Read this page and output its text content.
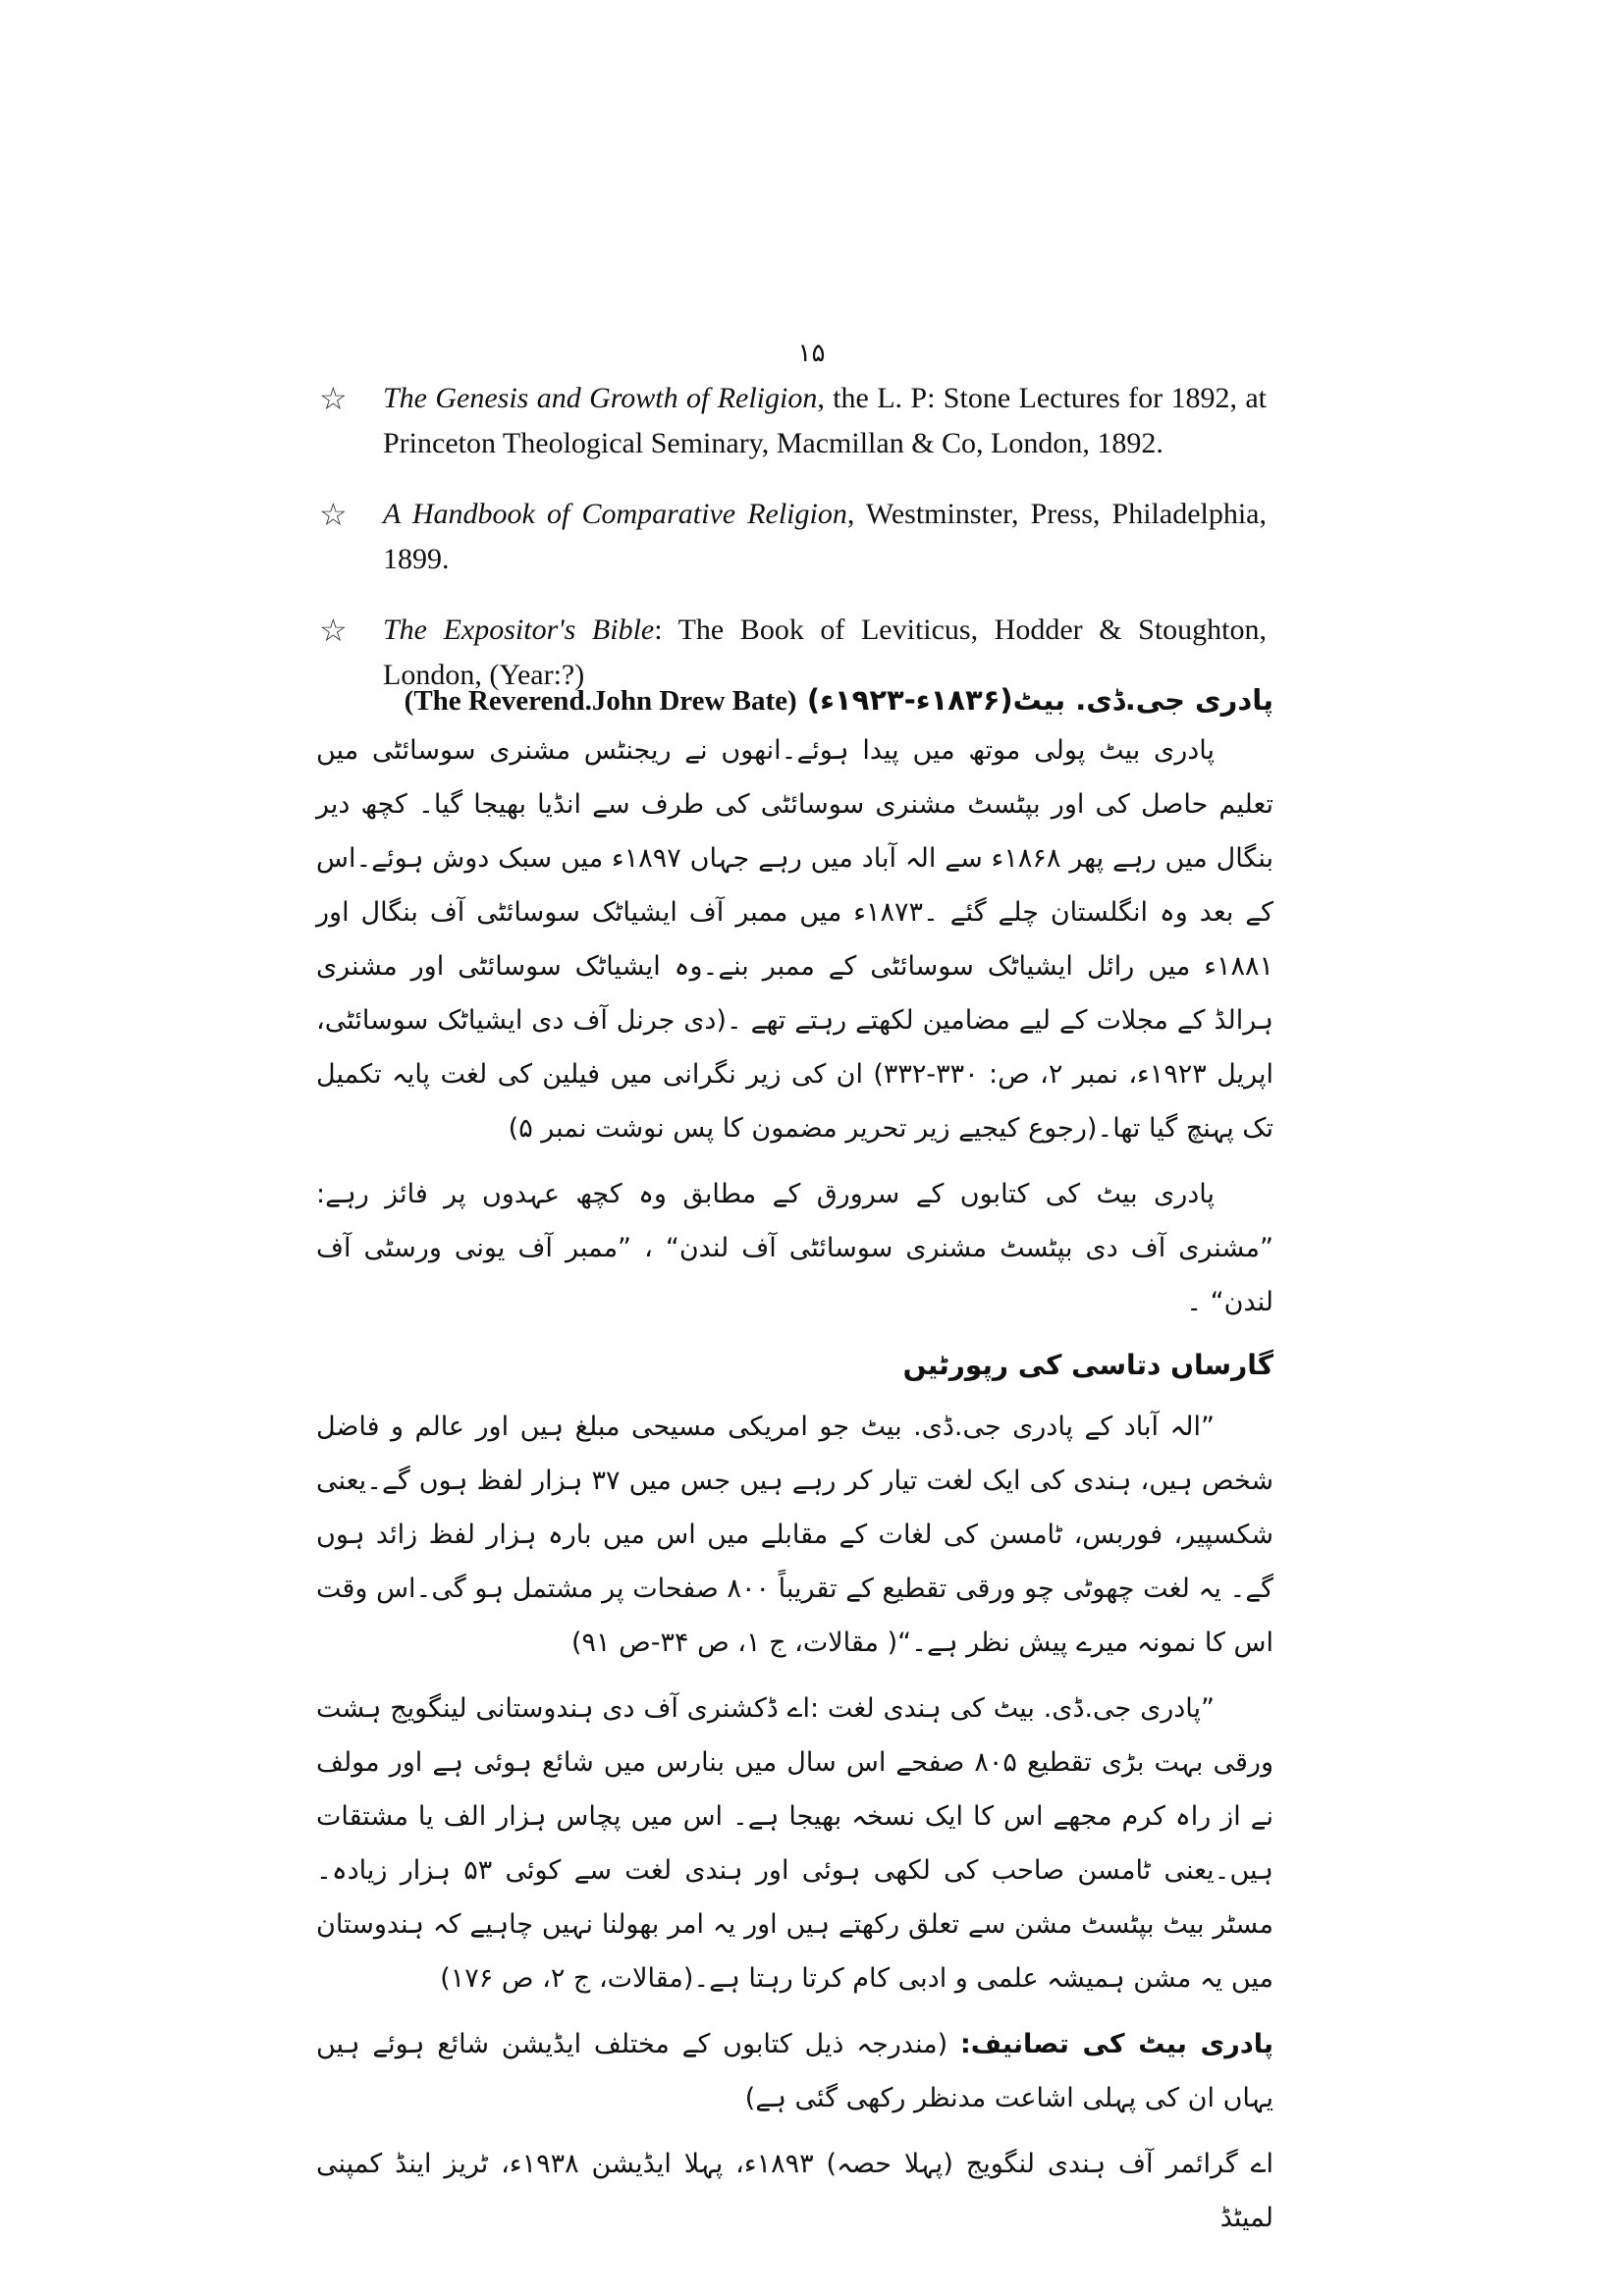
۱۵

☆ The Genesis and Growth of Religion, the L. P: Stone Lectures for 1892, at Princeton Theological Seminary, Macmillan & Co, London, 1892.

☆ A Handbook of Comparative Religion, Westminster, Press, Philadelphia, 1899.

☆ The Expositor's Bible: The Book of Leviticus, Hodder & Stoughton, London, (Year:?)

پادری جی.ڈی. بیٹ(۱۸۳۶ء-۱۹۲۳ء) (The Reverend.John Drew Bate)

پادری بیٹ پولی موتھ میں پیدا ہوئے۔انھوں نے ریجنٹس مشنری سوسائٹی میں تعلیم حاصل کی اور بپٹسٹ مشنری سوسائٹی کی طرف سے انڈیا بھیجا گیا۔ کچھ دیر بنگال میں رہے پھر ۱۸۶۸ء سے الہ آباد میں رہے جہاں ۱۸۹۷ء میں سبک دوش ہوئے۔اس کے بعد وہ انگلستان چلے گئے ۔۱۸۷۳ء میں ممبر آف ایشیاٹک سوسائٹی آف بنگال اور ۱۸۸۱ء میں رائل ایشیاٹک سوسائٹی کے ممبر بنے۔وہ ایشیاٹک سوسائٹی اور مشنری ہرالڈ کے مجلات کے لیے مضامین لکھتے رہتے تھے ۔(دی جرنل آف دی ایشیاٹک سوسائٹی، اپریل ۱۹۲۳ء، نمبر ۲، ص: ۳۳۰-۳۳۲) ان کی زیر نگرانی میں فیلین کی لغت پایہ تکمیل تک پہنچ گیا تھا۔(رجوع کیجیے زیر تحریر مضمون کا پس نوشت نمبر ۵)

پادری بیٹ کی کتابوں کے سرورق کے مطابق وہ کچھ عہدوں پر فائز رہے: ”مشنری آف دی بپٹسٹ مشنری سوسائٹی آف لندن“ ، ”ممبر آف یونی ورسٹی آف لندن“ ۔

گارساں دتاسی کی رپورٹیں

”الہ آباد کے پادری جی.ڈی. بیٹ جو امریکی مسیحی مبلغ ہیں اور عالم و فاضل شخص ہیں، ہندی کی ایک لغت تیار کر رہے ہیں جس میں ۳۷ ہزار لفظ ہوں گے۔یعنی شکسپیر، فوربس، ٹامسن کی لغات کے مقابلے میں اس میں بارہ ہزار لفظ زائد ہوں گے۔ یہ لغت چھوٹی چو ورقی تقطیع کے تقریباً ۸۰۰ صفحات پر مشتمل ہو گی۔اس وقت اس کا نمونہ میرے پیش نظر ہے۔“( مقالات، ج ۱، ص ۳۴-ص ۹۱)

”پادری جی.ڈی. بیٹ کی ہندی لغت :اے ڈکشنری آف دی ہندوستانی لینگویج ہشت ورقی بہت بڑی تقطیع ۸۰۵ صفحے اس سال میں بنارس میں شائع ہوئی ہے اور مولف نے از راہ کرم مجھے اس کا ایک نسخہ بھیجا ہے۔ اس میں پچاس ہزار الف یا مشتقات ہیں۔یعنی ٹامسن صاحب کی لکھی ہوئی اور ہندی لغت سے کوئی ۵۳ ہزار زیادہ۔ مسٹر بیٹ بپٹسٹ مشن سے تعلق رکھتے ہیں اور یہ امر بھولنا نہیں چاہیے کہ ہندوستان میں یہ مشن ہمیشہ علمی و ادبی کام کرتا رہتا ہے۔(مقالات، ج ۲، ص ۱۷۶)

پادری بیٹ کی تصانیف: (مندرجہ ذیل کتابوں کے مختلف ایڈیشن شائع ہوئے ہیں یہاں ان کی پہلی اشاعت مدنظر رکھی گئی ہے)

اے گرائمر آف ہندی لنگویج (پہلا حصہ) ۱۸۹۳ء، پہلا ایڈیشن ۱۹۳۸ء، ٹریز اینڈ کمپنی لمیٹڈ
